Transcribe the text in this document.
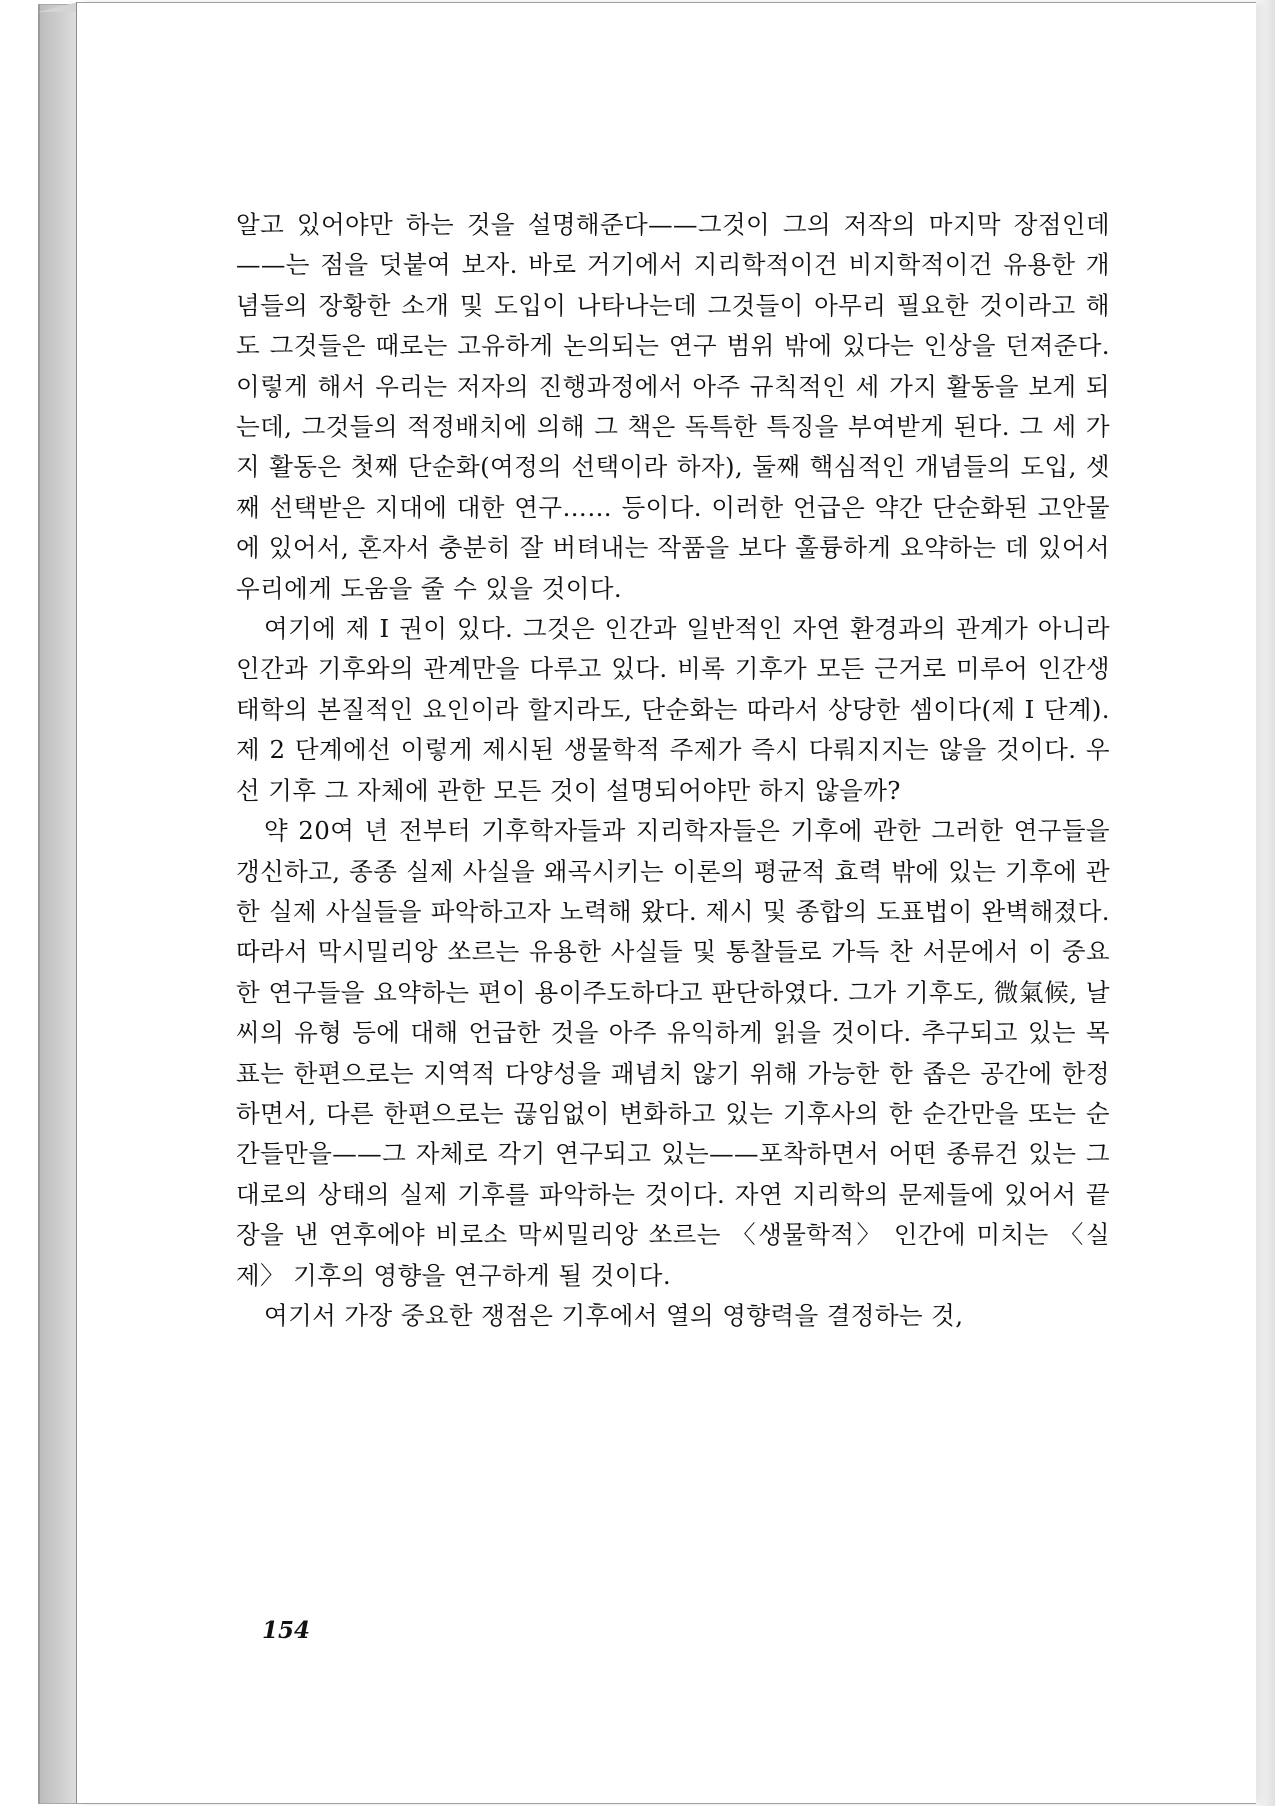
알고 있어야만 하는 것을 설명해준다——그것이 그의 저작의 마지막 장점인데——는 점을 덧붙여 보자. 바로 거기에서 지리학적이건 비지학적이건 유용한 개념들의 장황한 소개 및 도입이 나타나는데 그것들이 아무리 필요한 것이라고 해도 그것들은 때로는 고유하게 논의되는 연구 범위 밖에 있다는 인상을 던져준다. 이렇게 해서 우리는 저자의 진행과정에서 아주 규칙적인 세 가지 활동을 보게 되는데, 그것들의 적정배치에 의해 그 책은 독특한 특징을 부여받게 된다. 그 세 가지 활동은 첫째 단순화(여정의 선택이라 하자), 둘째 핵심적인 개념들의 도입, 셋째 선택받은 지대에 대한 연구…… 등이다. 이러한 언급은 약간 단순화된 고안물에 있어서, 혼자서 충분히 잘 버텨내는 작품을 보다 훌륭하게 요약하는 데 있어서 우리에게 도움을 줄 수 있을 것이다.

여기에 제 I 권이 있다. 그것은 인간과 일반적인 자연 환경과의 관계가 아니라 인간과 기후와의 관계만을 다루고 있다. 비록 기후가 모든 근거로 미루어 인간생태학의 본질적인 요인이라 할지라도, 단순화는 따라서 상당한 셈이다(제 I 단계). 제 2 단계에선 이렇게 제시된 생물학적 주제가 즉시 다뤄지지는 않을 것이다. 우선 기후 그 자체에 관한 모든 것이 설명되어야만 하지 않을까?

약 20여 년 전부터 기후학자들과 지리학자들은 기후에 관한 그러한 연구들을 갱신하고, 종종 실제 사실을 왜곡시키는 이론의 평균적 효력 밖에 있는 기후에 관한 실제 사실들을 파악하고자 노력해 왔다. 제시 및 종합의 도표법이 완벽해졌다. 따라서 막시밀리앙 쏘르는 유용한 사실들 및 통찰들로 가득 찬 서문에서 이 중요한 연구들을 요약하는 편이 용이주도하다고 판단하였다. 그가 기후도, 微氣候, 날씨의 유형 등에 대해 언급한 것을 아주 유익하게 읽을 것이다. 추구되고 있는 목표는 한편으로는 지역적 다양성을 괘념치 않기 위해 가능한 한 좁은 공간에 한정하면서, 다른 한편으로는 끊임없이 변화하고 있는 기후사의 한 순간만을 또는 순간들만을——그 자체로 각기 연구되고 있는——포착하면서 어떤 종류건 있는 그대로의 상태의 실제 기후를 파악하는 것이다. 자연 지리학의 문제들에 있어서 끝장을 낸 연후에야 비로소 막씨밀리앙 쏘르는 〈생물학적〉 인간에 미치는 〈실제〉 기후의 영향을 연구하게 될 것이다.

여기서 가장 중요한 쟁점은 기후에서 열의 영향력을 결정하는 것,

154
